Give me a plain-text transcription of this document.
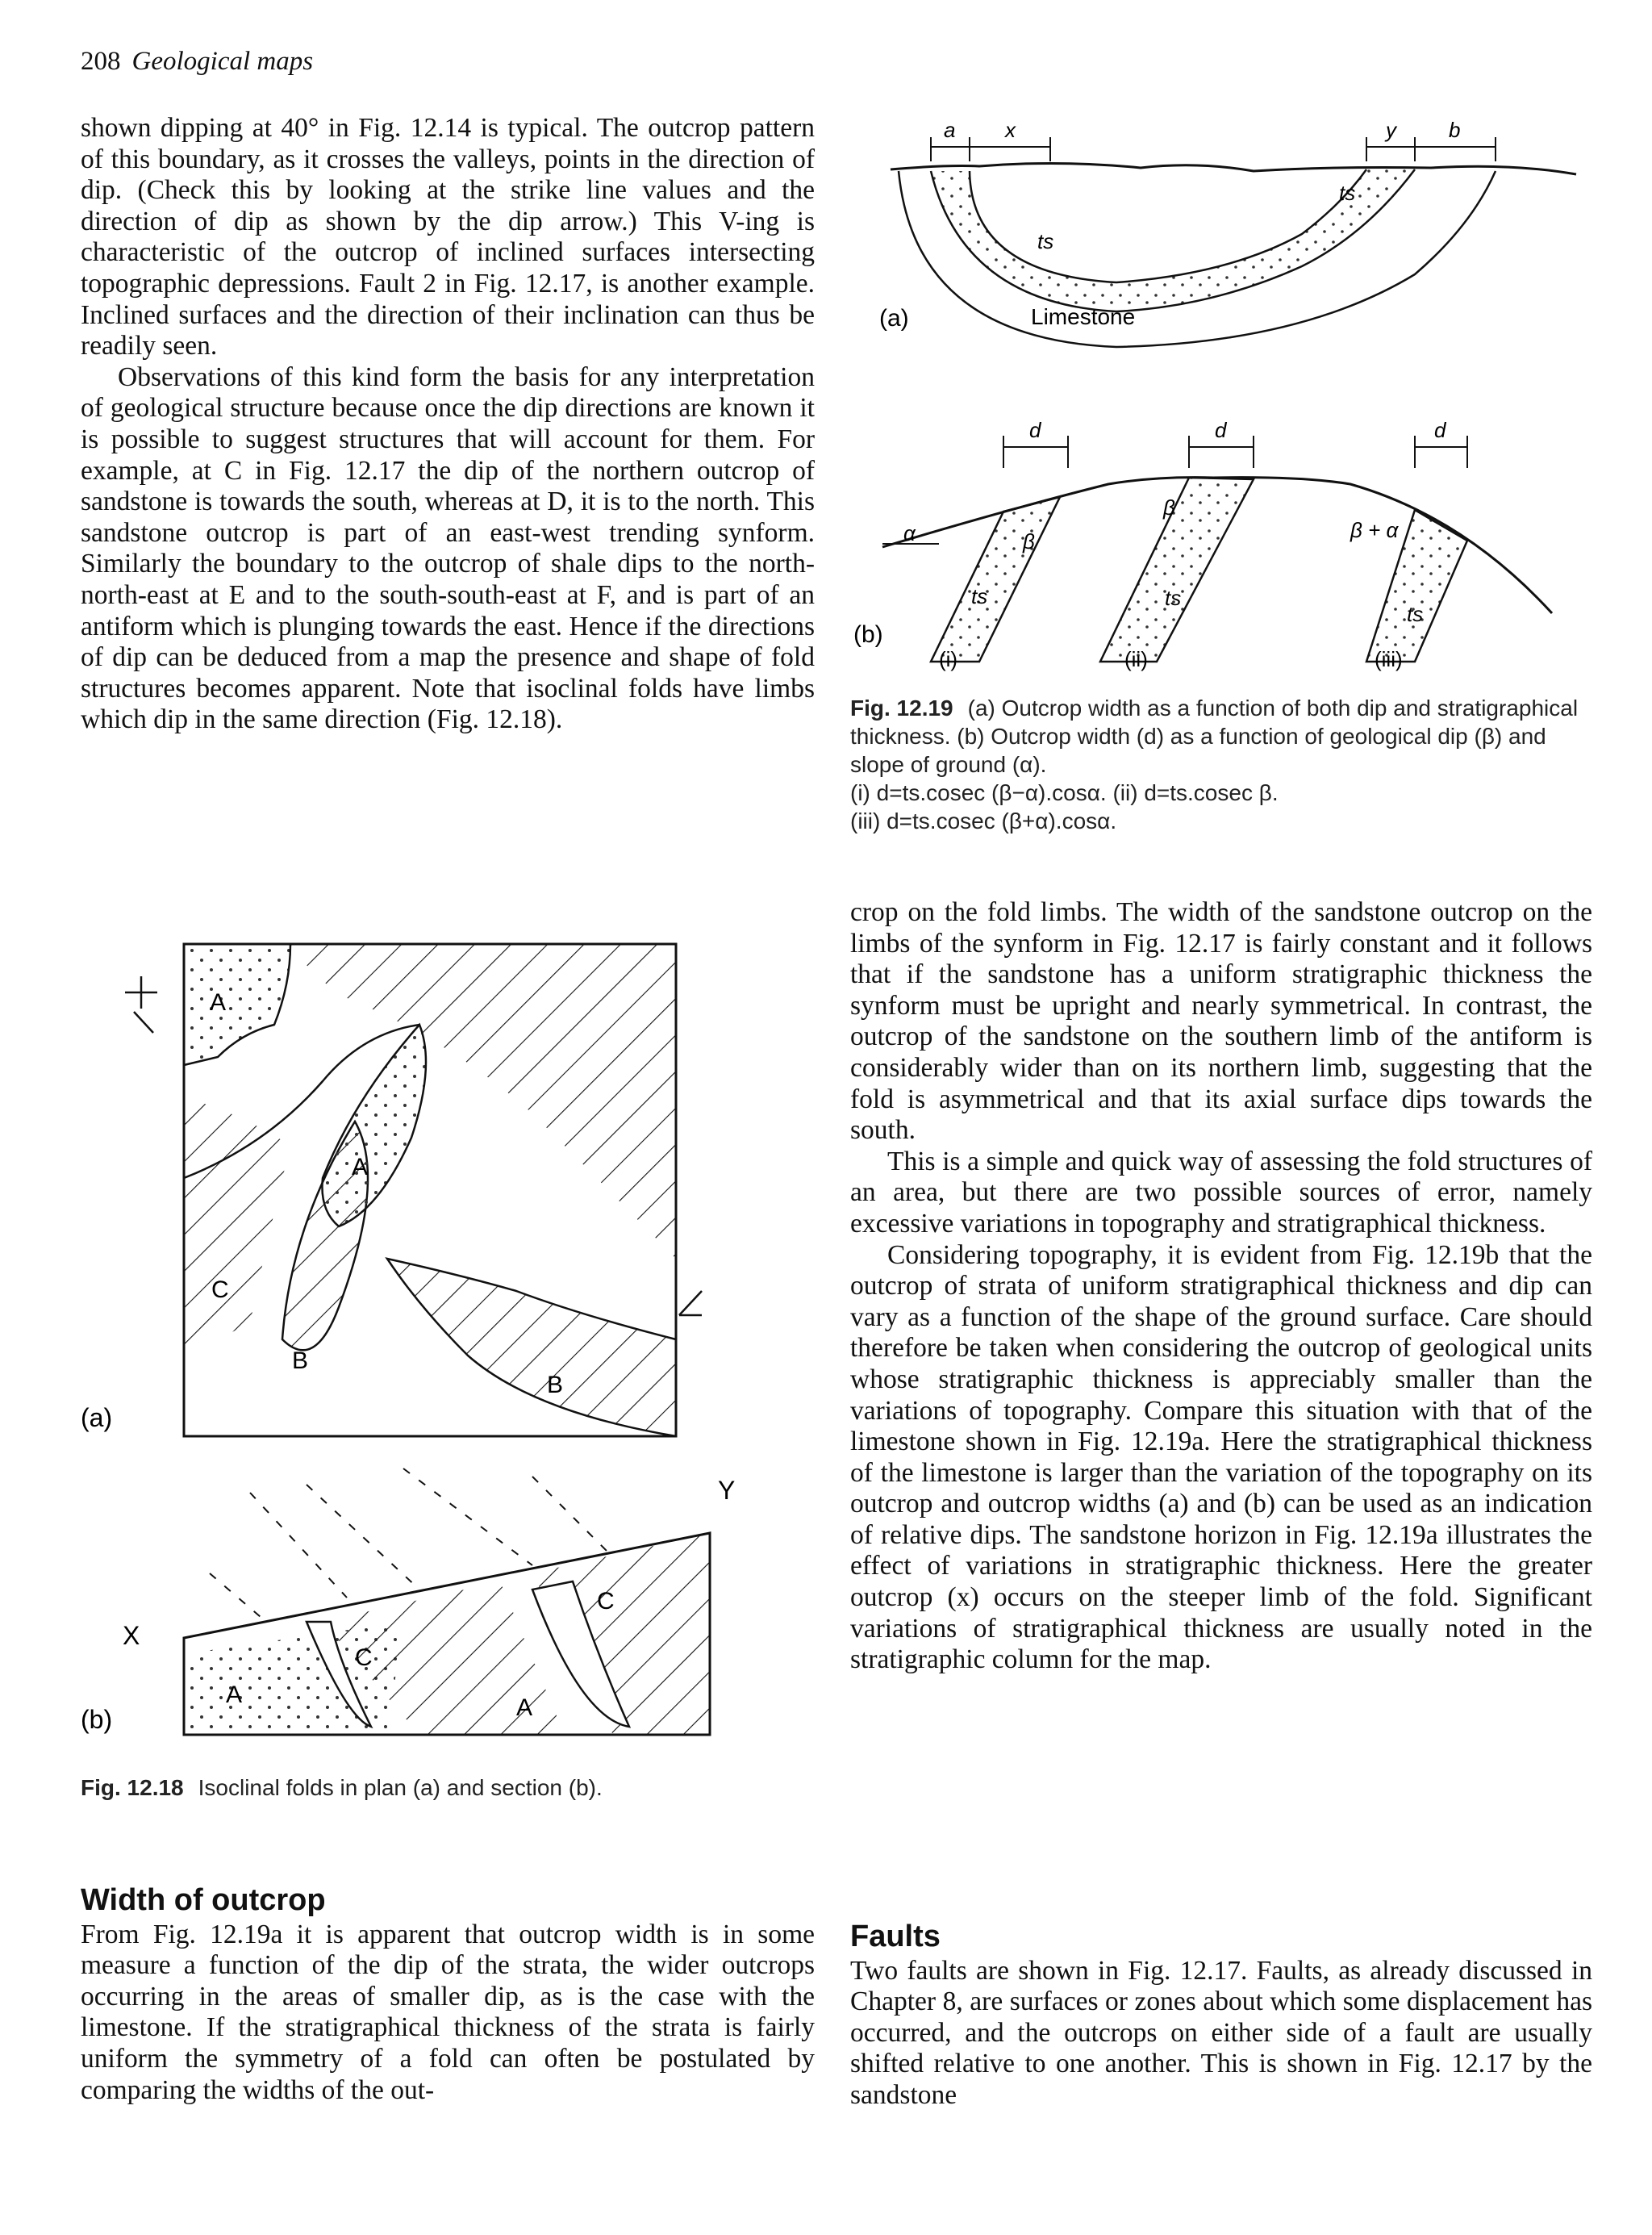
208 Geological maps

shown dipping at 40° in Fig. 12.14 is typical. The outcrop pattern of this boundary, as it crosses the valleys, points in the direction of dip. (Check this by looking at the strike line values and the direction of dip as shown by the dip arrow.) This V-ing is characteristic of the outcrop of inclined surfaces intersecting topographic depressions. Fault 2 in Fig. 12.17, is another example. Inclined surfaces and the direction of their inclination can thus be readily seen.

Observations of this kind form the basis for any interpretation of geological structure because once the dip directions are known it is possible to suggest structures that will account for them. For example, at C in Fig. 12.17 the dip of the northern outcrop of sandstone is towards the south, whereas at D, it is to the north. This sandstone outcrop is part of an east-west trending synform. Similarly the boundary to the outcrop of shale dips to the north-north-east at E and to the south-south-east at F, and is part of an antiform which is plunging towards the east. Hence if the directions of dip can be deduced from a map the presence and shape of fold structures becomes apparent. Note that isoclinal folds have limbs which dip in the same direction (Fig. 12.18).

a x	y	b
ts
ts
Limestone
(a)
d	d	d
α	β
β
β + α
ts	ts
ts
(i)	(ii)	(iii)
(b)
Fig. 12.19 (a) Outcrop width as a function of both dip and stratigraphical thickness. (b) Outcrop width (d) as a function of geological dip (β) and slope of ground (α).
(i) d=ts.cosec (β−α).cosα. (ii) d=ts.cosec β.
(iii) d=ts.cosec (β+α).cosα.

crop on the fold limbs. The width of the sandstone outcrop on the limbs of the synform in Fig. 12.17 is fairly constant and it follows that if the sandstone has a uniform stratigraphic thickness the synform must be upright and nearly symmetrical. In contrast, the outcrop of the sandstone on the southern limb of the antiform is considerably wider than on its northern limb, suggesting that the fold is asymmetrical and that its axial surface dips towards the south.

This is a simple and quick way of assessing the fold structures of an area, but there are two possible sources of error, namely excessive variations in topography and stratigraphical thickness.

Considering topography, it is evident from Fig. 12.19b that the outcrop of strata of uniform stratigraphical thickness and dip can vary as a function of the shape of the ground surface. Care should therefore be taken when considering the outcrop of geological units whose stratigraphic thickness is appreciably smaller than the variations of topography. Compare this situation with that of the limestone shown in Fig. 12.19a. Here the stratigraphical thickness of the limestone is larger than the variation of the topography on its outcrop and outcrop widths (a) and (b) can be used as an indication of relative dips. The sandstone horizon in Fig. 12.19a illustrates the effect of variations in stratigraphic thickness. Here the greater outcrop (x) occurs on the steeper limb of the fold. Significant variations of stratigraphical thickness are usually noted in the stratigraphic column for the map.

A
A
C
B
B
(a)
X
Y
A	A
C
C
(b)
Fig. 12.18 Isoclinal folds in plan (a) and section (b).
Width of outcrop

From Fig. 12.19a it is apparent that outcrop width is in some measure a function of the dip of the strata, the wider outcrops occurring in the areas of smaller dip, as is the case with the limestone. If the stratigraphical thickness of the strata is fairly uniform the symmetry of a fold can often be postulated by comparing the widths of the out-

Faults

Two faults are shown in Fig. 12.17. Faults, as already discussed in Chapter 8, are surfaces or zones about which some displacement has occurred, and the outcrops on either side of a fault are usually shifted relative to one another. This is shown in Fig. 12.17 by the sandstone
